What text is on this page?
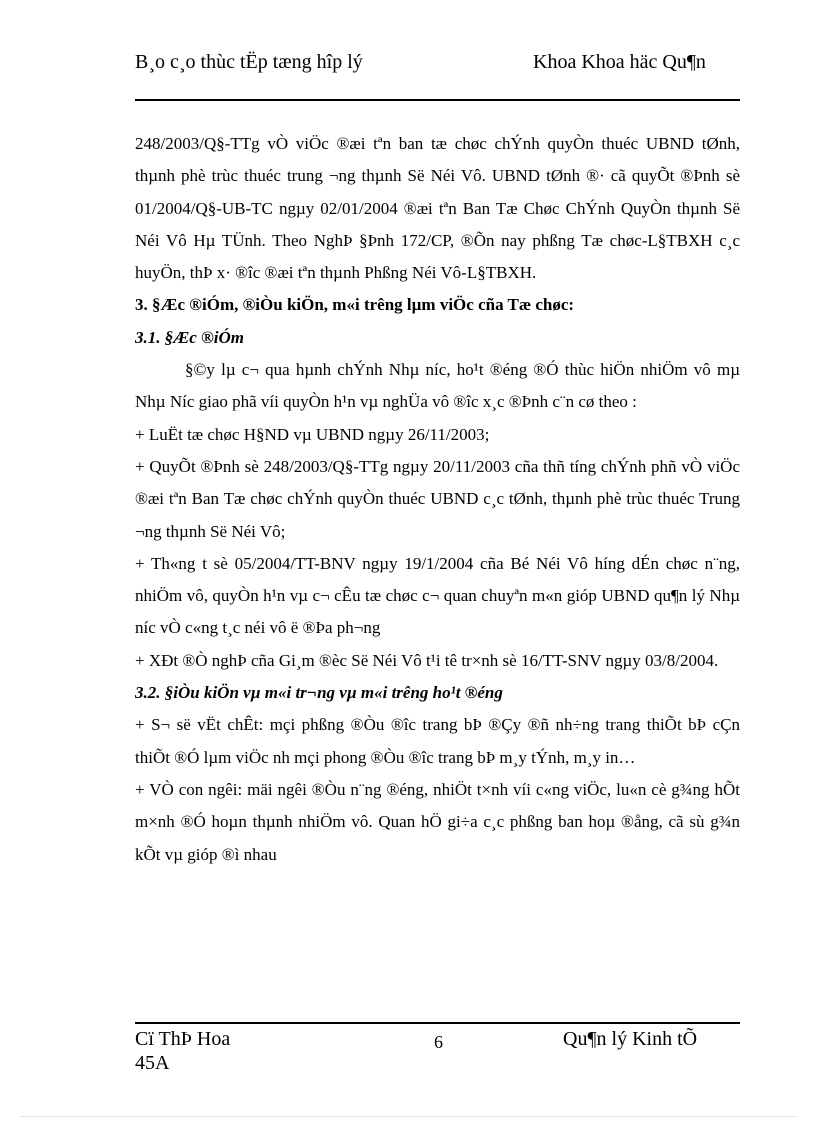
B¸o c¸o thùc tËp tæng hîp lý	Khoa Khoa häc Qu¶n

248/2003/Q§-TTg vÒ viÖc ®æi tªn ban tæ chøc chÝnh quyÒn thuéc UBND tØnh, thµnh phè trùc thuéc trung ¬ng thµnh Së Néi Vô. UBND tØnh ®· cã quyÕt ®Þnh sè 01/2004/Q§-UB-TC ngµy 02/01/2004 ®æi tªn Ban Tæ Chøc ChÝnh QuyÒn thµnh Së Néi Vô Hµ TÜnh. Theo NghÞ §Þnh 172/CP, ®Õn nay phßng Tæ chøc-L§TBXH c¸c huyÖn, thÞ x· ®îc ®æi tªn thµnh Phßng Néi Vô-L§TBXH.

3. §Æc ®iÓm, ®iÒu kiÖn, m«i trêng lµm viÖc cña Tæ chøc:

3.1. §Æc ®iÓm

§©y lµ c¬ qua hµnh chÝnh Nhµ níc, ho¹t ®éng ®Ó thùc hiÖn nhiÖm vô mµ Nhµ Níc giao phã víi quyÒn h¹n vµ nghÜa vô ®îc x¸c ®Þnh c¨n cø theo :

+ LuËt tæ chøc H§ND vµ UBND ngµy 26/11/2003;

+ QuyÕt ®Þnh sè 248/2003/Q§-TTg ngµy 20/11/2003 cña thñ tíng chÝnh phñ vÒ viÖc ®æi tªn Ban Tæ chøc chÝnh quyÒn thuéc UBND c¸c tØnh, thµnh phè trùc thuéc Trung ¬ng thµnh Së Néi Vô;

+ Th«ng t sè 05/2004/TT-BNV ngµy 19/1/2004 cña Bé Néi Vô híng dÉn chøc n¨ng, nhiÖm vô, quyÒn h¹n vµ c¬ cÊu tæ chøc c¬ quan chuyªn m«n gióp UBND qu¶n lý Nhµ níc vÒ c«ng t¸c néi vô ë ®Þa ph¬ng

+ XÐt ®Ò nghÞ cña Gi¸m ®èc Së Néi Vô t¹i tê tr×nh sè 16/TT-SNV ngµy 03/8/2004.

3.2. §iÒu kiÖn vµ m«i tr¬ng vµ m«i trêng ho¹t ®éng

+ S¬ së vËt chÊt: mçi phßng ®Òu ®îc trang bÞ ®Çy ®ñ nh÷ng trang thiÕt bÞ cÇn thiÕt ®Ó lµm viÖc nh mçi phong ®Òu ®îc trang bÞ m¸y tÝnh, m¸y in…

+ VÒ con ngêi: mäi ngêi ®Òu n¨ng ®éng, nhiÖt t×nh víi c«ng viÖc, lu«n cè g¾ng hÕt m×nh ®Ó hoµn thµnh nhiÖm vô. Quan hÖ gi÷a c¸c phßng ban hoµ ®ång, cã sù g¾n kÕt vµ gióp ®ì nhau

Cï ThÞ Hoa 45A
6	Qu¶n lý Kinh tÕ
